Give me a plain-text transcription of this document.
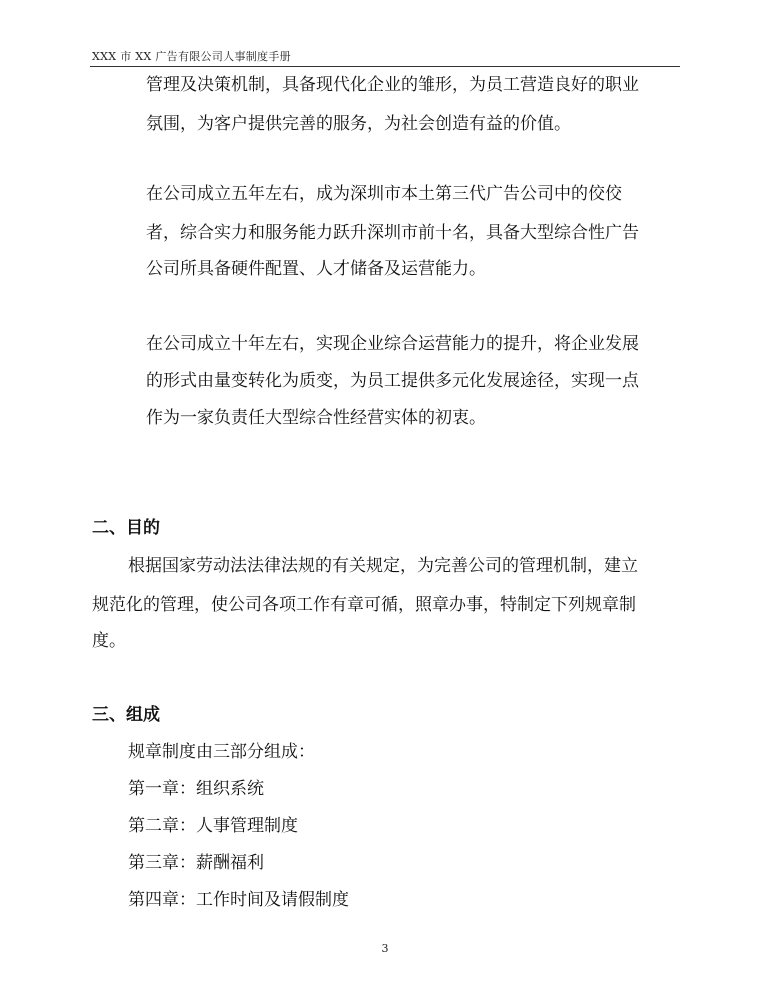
XXX 市 XX 广告有限公司人事制度手册
管理及决策机制，具备现代化企业的雏形，为员工营造良好的职业
氛围，为客户提供完善的服务，为社会创造有益的价值。
在公司成立五年左右，成为深圳市本土第三代广告公司中的佼佼
者，综合实力和服务能力跃升深圳市前十名，具备大型综合性广告
公司所具备硬件配置、人才储备及运营能力。
在公司成立十年左右，实现企业综合运营能力的提升，将企业发展
的形式由量变转化为质变，为员工提供多元化发展途径，实现一点
作为一家负责任大型综合性经营实体的初衷。
二、目的
根据国家劳动法法律法规的有关规定，为完善公司的管理机制，建立
规范化的管理，使公司各项工作有章可循，照章办事，特制定下列规章制
度。
三、组成
规章制度由三部分组成：
第一章：组织系统
第二章：人事管理制度
第三章：薪酬福利
第四章：工作时间及请假制度
3
